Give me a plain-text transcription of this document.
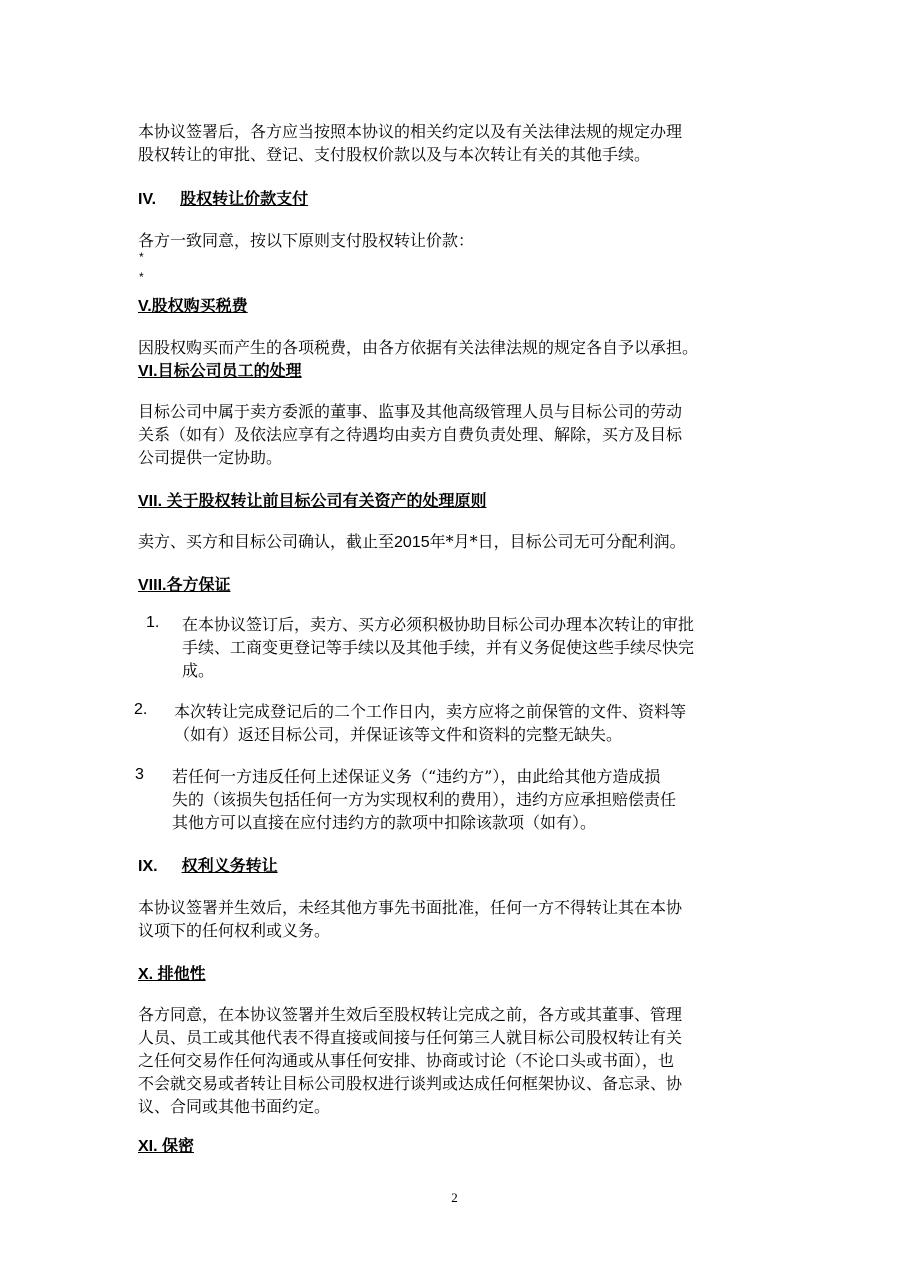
本协议签署后，各方应当按照本协议的相关约定以及有关法律法规的规定办理
股权转让的审批、登记、支付股权价款以及与本次转让有关的其他手续。
IV. 股权转让价款支付
各方一致同意，按以下原则支付股权转让价款：
*
*
V.股权购买税费
因股权购买而产生的各项税费，由各方依据有关法律法规的规定各自予以承担。
VI.目标公司员工的处理
目标公司中属于卖方委派的董事、监事及其他高级管理人员与目标公司的劳动
关系（如有）及依法应享有之待遇均由卖方自费负责处理、解除，买方及目标
公司提供一定协助。
VII. 关于股权转让前目标公司有关资产的处理原则
卖方、买方和目标公司确认，截止至2015年*月*日，目标公司无可分配利润。
VIII.各方保证
1. 在本协议签订后，卖方、买方必须积极协助目标公司办理本次转让的审批
手续、工商变更登记等手续以及其他手续，并有义务促使这些手续尽快完
成。
2. 本次转让完成登记后的二个工作日内，卖方应将之前保管的文件、资料等
（如有）返还目标公司，并保证该等文件和资料的完整无缺失。
3 若任何一方违反任何上述保证义务（“违约方”），由此给其他方造成损
失的（该损失包括任何一方为实现权利的费用），违约方应承担赔偿责任
其他方可以直接在应付违约方的款项中扣除该款项（如有）。
IX. 权利义务转让
本协议签署并生效后，未经其他方事先书面批准，任何一方不得转让其在本协
议项下的任何权利或义务。
X. 排他性
各方同意，在本协议签署并生效后至股权转让完成之前，各方或其董事、管理
人员、员工或其他代表不得直接或间接与任何第三人就目标公司股权转让有关
之任何交易作任何沟通或从事任何安排、协商或讨论（不论口头或书面），也
不会就交易或者转让目标公司股权进行谈判或达成任何框架协议、备忘录、协
议、合同或其他书面约定。
XI. 保密
2
